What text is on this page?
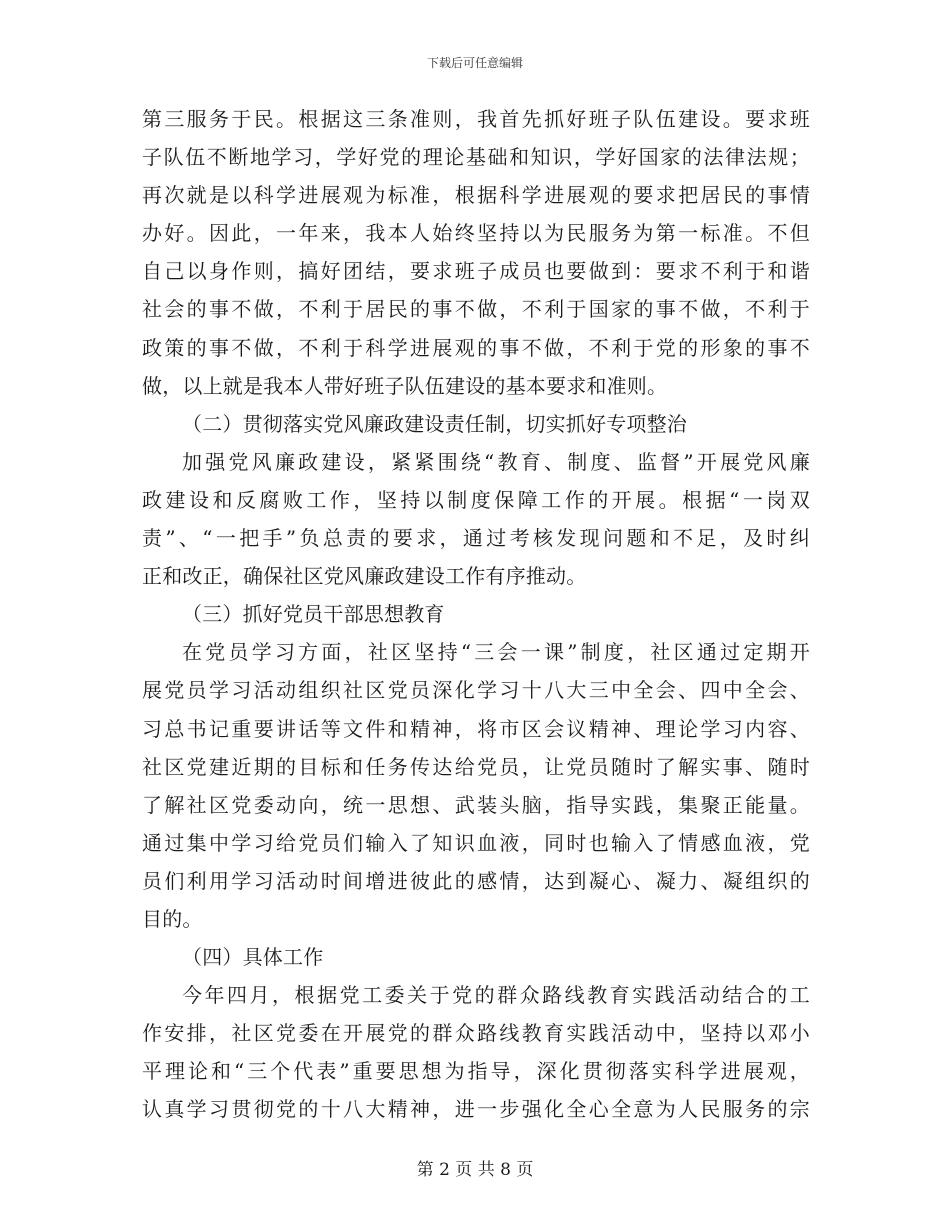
下载后可任意编辑
第三服务于民。根据这三条准则，我首先抓好班子队伍建设。要求班
子队伍不断地学习，学好党的理论基础和知识，学好国家的法律法规；
再次就是以科学进展观为标准，根据科学进展观的要求把居民的事情
办好。因此，一年来，我本人始终坚持以为民服务为第一标准。不但
自己以身作则，搞好团结，要求班子成员也要做到：要求不利于和谐
社会的事不做，不利于居民的事不做，不利于国家的事不做，不利于
政策的事不做，不利于科学进展观的事不做，不利于党的形象的事不
做，以上就是我本人带好班子队伍建设的基本要求和准则。
（二）贯彻落实党风廉政建设责任制，切实抓好专项整治
加强党风廉政建设，紧紧围绕“教育、制度、监督”开展党风廉
政建设和反腐败工作，坚持以制度保障工作的开展。根据“一岗双
责”、“一把手”负总责的要求，通过考核发现问题和不足，及时纠
正和改正，确保社区党风廉政建设工作有序推动。
（三）抓好党员干部思想教育
在党员学习方面，社区坚持“三会一课”制度，社区通过定期开
展党员学习活动组织社区党员深化学习十八大三中全会、四中全会、
习总书记重要讲话等文件和精神，将市区会议精神、理论学习内容、
社区党建近期的目标和任务传达给党员，让党员随时了解实事、随时
了解社区党委动向，统一思想、武装头脑，指导实践，集聚正能量。
通过集中学习给党员们输入了知识血液，同时也输入了情感血液，党
员们利用学习活动时间增进彼此的感情，达到凝心、凝力、凝组织的
目的。
（四）具体工作
今年四月，根据党工委关于党的群众路线教育实践活动结合的工
作安排，社区党委在开展党的群众路线教育实践活动中，坚持以邓小
平理论和“三个代表”重要思想为指导，深化贯彻落实科学进展观，
认真学习贯彻党的十八大精神，进一步强化全心全意为人民服务的宗
第 2 页 共 8 页
